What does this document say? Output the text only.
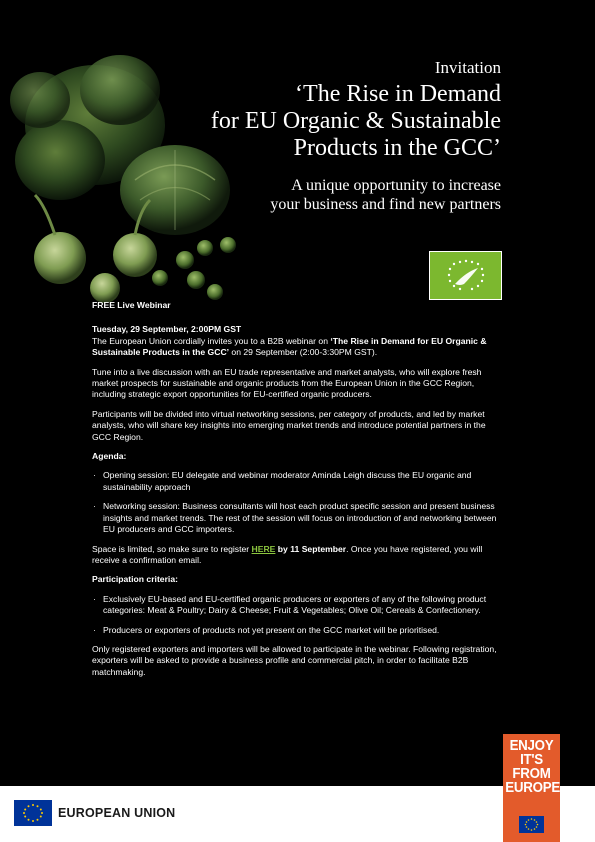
Invitation
‘The Rise in Demand
for EU Organic & Sustainable
Products in the GCC’
A unique opportunity to increase
your business and find new partners
FREE Live Webinar
Tuesday, 29 September, 2:00PM GST

The European Union cordially invites you to a B2B webinar on ‘The Rise in Demand for EU Organic & Sustainable Products in the GCC’ on 29 September (2:00-3:30PM GST).

Tune into a live discussion with an EU trade representative and market analysts, who will explore fresh market prospects for sustainable and organic products from the European Union in the GCC Region, including strategic export opportunities for EU-certified organic producers.

Participants will be divided into virtual networking sessions, per category of products, and led by market analysts, who will share key insights into emerging market trends and introduce potential partners in the GCC Region.

Agenda:
· Opening session: EU delegate and webinar moderator Aminda Leigh discuss the EU organic and sustainability approach
· Networking session: Business consultants will host each product specific session and present business insights and market trends. The rest of the session will focus on introduction of and networking between EU producers and GCC importers.

Space is limited, so make sure to register HERE by 11 September. Once you have registered, you will receive a confirmation email.

Participation criteria:
· Exclusively EU-based and EU-certified organic producers or exporters of any of the following product categories: Meat & Poultry; Dairy & Cheese; Fruit & Vegetables; Olive Oil; Cereals & Confectionery.
· Producers or exporters of products not yet present on the GCC market will be prioritised.

Only registered exporters and importers will be allowed to participate in the webinar. Following registration, exporters will be asked to provide a business profile and commercial pitch, in order to facilitate B2B matchmaking.

EUROPEAN UNION
ENJOY
IT'S FROM
EUROPE
